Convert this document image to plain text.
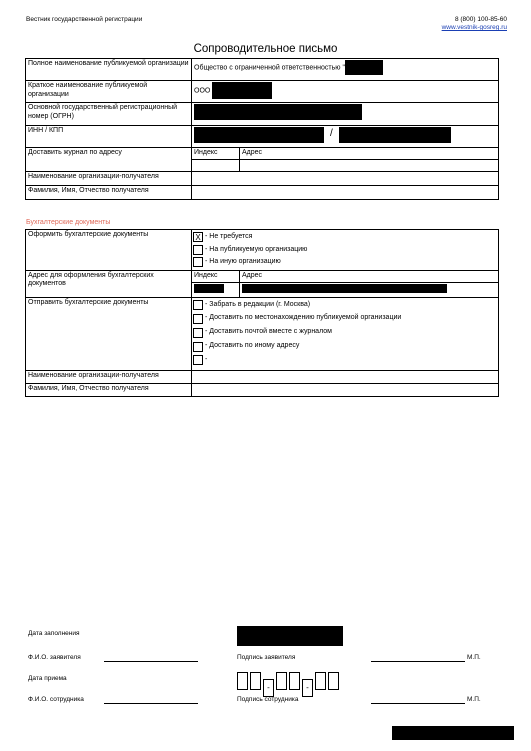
Вестник государственной регистрации	8 (800) 100-85-60
www.vestnik-gosreg.ru
Сопроводительное письмо
Полное наименование публикуемой организации	Общество с ограниченной ответственностью "	
Краткое наименование публикуемой организации	ООО	
Основной государственный регистрационный номер (ОГРН)		
ИНН / КПП	/	
Доставить журнал по адресу	Индекс	Адрес

Наименование организации-получателя		
Фамилия, Имя, Отчество получателя		
Бухгалтерские документы
Оформить бухгалтерские документы	X - Не требуется
- На публикуемую организацию
- На иную организацию	

Адрес для оформления бухгалтерских документов	Индекс	Адрес

Отправить бухгалтерские документы	- Забрать в редакции (г. Москва)
- Доставить по местонахождению публикуемой организации
- Доставить почтой вместе с журналом
- Доставить по иному адресу
-	

Наименование организации-получателя		
Фамилия, Имя, Отчество получателя		
Дата заполнения
Ф.И.О. заявителя	Подпись заявителя	М.П.
Дата приема
-	-
Ф.И.О. сотрудника	Подпись сотрудника	М.П.
